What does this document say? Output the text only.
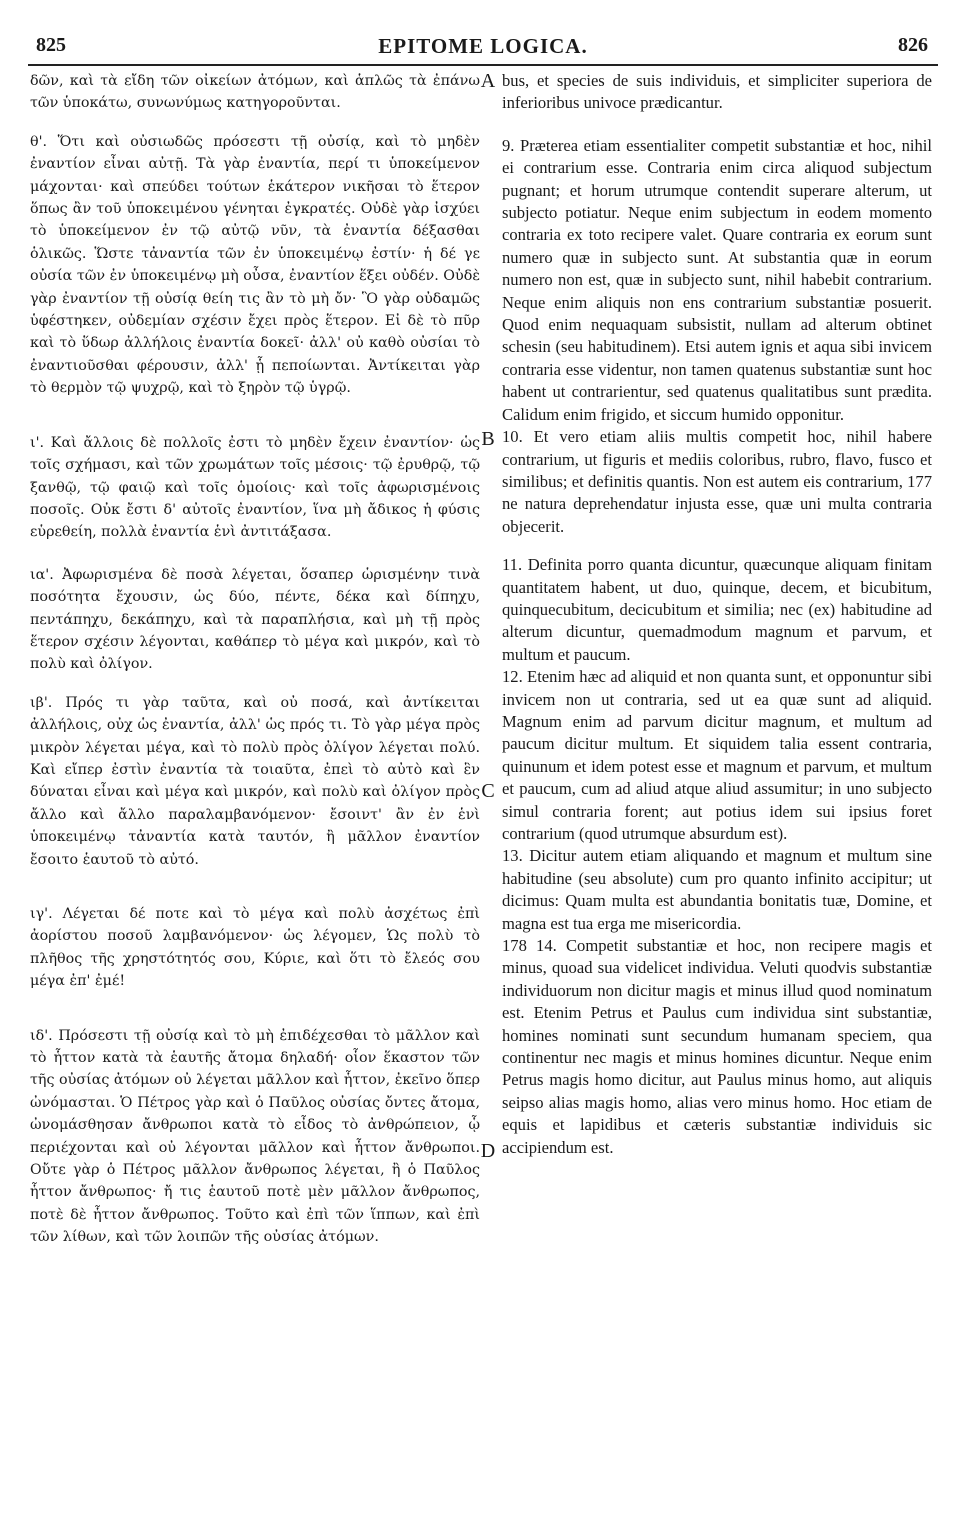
825	EPITOME LOGICA.	826
A
B
C
D

δῶν, καὶ τὰ εἴδη τῶν οἰκείων ἀτόμων, καὶ ἁπλῶς τὰ ἐπάνω τῶν ὑποκάτω, συνωνύμως κατηγοροῦνται.

θ'. Ὅτι καὶ οὐσιωδῶς πρόσεστι τῇ οὐσίᾳ, καὶ τὸ μηδὲν ἐναντίον εἶναι αὐτῇ. Τὰ γὰρ ἐναντία, περί τι ὑποκείμενον μάχονται· καὶ σπεύδει τούτων ἑκάτερον νικῆσαι τὸ ἕτερον ὅπως ἂν τοῦ ὑποκειμένου γένηται ἐγκρατές. Οὐδὲ γὰρ ἰσχύει τὸ ὑποκείμενον ἐν τῷ αὐτῷ νῦν, τὰ ἐναντία δέξασθαι ὁλικῶς. Ὥστε τἀναντία τῶν ἐν ὑποκειμένῳ ἐστίν· ἡ δέ γε οὐσία τῶν ἐν ὑποκειμένῳ μὴ οὖσα, ἐναντίον ἕξει οὐδέν. Οὐδὲ γὰρ ἐναντίον τῇ οὐσίᾳ θείη τις ἂν τὸ μὴ ὄν· Ὃ γὰρ οὐδαμῶς ὑφέστηκεν, οὐδεμίαν σχέσιν ἔχει πρὸς ἕτερον. Εἰ δὲ τὸ πῦρ καὶ τὸ ὕδωρ ἀλλήλοις ἐναντία δοκεῖ· ἀλλ' οὐ καθὸ οὐσίαι τὸ ἐναντιοῦσθαι φέρουσιν, ἀλλ' ᾗ πεποίωνται. Ἀντίκειται γὰρ τὸ θερμὸν τῷ ψυχρῷ, καὶ τὸ ξηρὸν τῷ ὑγρῷ.

ι'. Καὶ ἄλλοις δὲ πολλοῖς ἐστι τὸ μηδὲν ἔχειν ἐναντίον· ὡς τοῖς σχήμασι, καὶ τῶν χρωμάτων τοῖς μέσοις· τῷ ἐρυθρῷ, τῷ ξανθῷ, τῷ φαιῷ καὶ τοῖς ὁμοίοις· καὶ τοῖς ἀφωρισμένοις ποσοῖς. Οὐκ ἔστι δ' αὐτοῖς ἐναντίον, ἵνα μὴ ἄδικος ἡ φύσις εὑρεθείη, πολλὰ ἐναντία ἑνὶ ἀντιτάξασα.

ια'. Ἀφωρισμένα δὲ ποσὰ λέγεται, ὅσαπερ ὡρισμένην τινὰ ποσότητα ἔχουσιν, ὡς δύο, πέντε, δέκα καὶ δίπηχυ, πεντάπηχυ, δεκάπηχυ, καὶ τὰ παραπλήσια, καὶ μὴ τῇ πρὸς ἕτερον σχέσιν λέγονται, καθάπερ τὸ μέγα καὶ μικρόν, καὶ τὸ πολὺ καὶ ὀλίγον.

ιβ'. Πρός τι γὰρ ταῦτα, καὶ οὐ ποσά, καὶ ἀντίκειται ἀλλήλοις, οὐχ ὡς ἐναντία, ἀλλ' ὡς πρός τι. Τὸ γὰρ μέγα πρὸς μικρὸν λέγεται μέγα, καὶ τὸ πολὺ πρὸς ὀλίγον λέγεται πολύ. Καὶ εἴπερ ἐστὶν ἐναντία τὰ τοιαῦτα, ἐπεὶ τὸ αὐτὸ καὶ ἓν δύναται εἶναι καὶ μέγα καὶ μικρόν, καὶ πολὺ καὶ ὀλίγον πρὸς ἄλλο καὶ ἄλλο παραλαμβανόμενον· ἔσοιντ' ἂν ἐν ἑνὶ ὑποκειμένῳ τἀναντία κατὰ ταυτόν, ἢ μᾶλλον ἐναντίον ἔσοιτο ἑαυτοῦ τὸ αὐτό.

ιγ'. Λέγεται δέ ποτε καὶ τὸ μέγα καὶ πολὺ ἀσχέτως ἐπὶ ἀορίστου ποσοῦ λαμβανόμενον· ὡς λέγομεν, Ὡς πολὺ τὸ πλῆθος τῆς χρηστότητός σου, Κύριε, καὶ ὅτι τὸ ἔλεός σου μέγα ἐπ' ἐμέ!

ιδ'. Πρόσεστι τῇ οὐσίᾳ καὶ τὸ μὴ ἐπιδέχεσθαι τὸ μᾶλλον καὶ τὸ ἧττον κατὰ τὰ ἑαυτῆς ἄτομα δηλαδή· οἷον ἕκαστον τῶν τῆς οὐσίας ἀτόμων οὐ λέγεται μᾶλλον καὶ ἧττον, ἐκεῖνο ὅπερ ὠνόμασται. Ὁ Πέτρος γὰρ καὶ ὁ Παῦλος οὐσίας ὄντες ἄτομα, ὠνομάσθησαν ἄνθρωποι κατὰ τὸ εἶδος τὸ ἀνθρώπειον, ᾧ περιέχονται καὶ οὐ λέγονται μᾶλλον καὶ ἧττον ἄνθρωποι. Οὔτε γὰρ ὁ Πέτρος μᾶλλον ἄνθρωπος λέγεται, ἢ ὁ Παῦλος ἧττον ἄνθρωπος· ἤ τις ἑαυτοῦ ποτὲ μὲν μᾶλλον ἄνθρωπος, ποτὲ δὲ ἧττον ἄνθρωπος. Τοῦτο καὶ ἐπὶ τῶν ἵππων, καὶ ἐπὶ τῶν λίθων, καὶ τῶν λοιπῶν τῆς οὐσίας ἀτόμων.

bus, et species de suis individuis, et simpliciter superiora de inferioribus univoce prædicantur.

9. Præterea etiam essentialiter competit substantiæ et hoc, nihil ei contrarium esse. Contraria enim circa aliquod subjectum pugnant; et horum utrumque contendit superare alterum, ut subjecto potiatur. Neque enim subjectum in eodem momento contraria ex toto recipere valet. Quare contraria ex eorum sunt numero quæ in subjecto sunt. At substantia quæ in eorum numero non est, quæ in subjecto sunt, nihil habebit contrarium. Neque enim aliquis non ens contrarium substantiæ posuerit. Quod enim nequaquam subsistit, nullam ad alterum obtinet schesin (seu habitudinem). Etsi autem ignis et aqua sibi invicem contraria esse videntur, non tamen quatenus substantiæ sunt hoc habent ut contrarientur, sed quatenus qualitatibus sunt prædita. Calidum enim frigido, et siccum humido opponitur.

10. Et vero etiam aliis multis competit hoc, nihil habere contrarium, ut figuris et mediis coloribus, rubro, flavo, fusco et similibus; et definitis quantis. Non est autem eis contrarium, 177 ne natura deprehendatur injusta esse, quæ uni multa contraria objecerit.

11. Definita porro quanta dicuntur, quæcunque aliquam finitam quantitatem habent, ut duo, quinque, decem, et bicubitum, quinquecubitum, decicubitum et similia; nec (ex) habitudine ad alterum dicuntur, quemadmodum magnum et parvum, et multum et paucum.

12. Etenim hæc ad aliquid et non quanta sunt, et opponuntur sibi invicem non ut contraria, sed ut ea quæ sunt ad aliquid. Magnum enim ad parvum dicitur magnum, et multum ad paucum dicitur multum. Et siquidem talia essent contraria, quinunum et idem potest esse et magnum et parvum, et multum et paucum, cum ad aliud atque aliud assumitur; in uno subjecto simul contraria forent; aut potius idem sui ipsius foret contrarium (quod utrumque absurdum est).

13. Dicitur autem etiam aliquando et magnum et multum sine habitudine (seu absolute) cum pro quanto infinito accipitur; ut dicimus: Quam multa est abundantia bonitatis tuæ, Domine, et magna est tua erga me misericordia.

178 14. Competit substantiæ et hoc, non recipere magis et minus, quoad sua videlicet individua. Veluti quodvis substantiæ individuorum non dicitur magis et minus illud quod nominatum est. Etenim Petrus et Paulus cum individua sint substantiæ, homines nominati sunt secundum humanam speciem, qua continentur nec magis et minus homines dicuntur. Neque enim Petrus magis homo dicitur, aut Paulus minus homo, aut aliquis seipso alias magis homo, alias vero minus homo. Hoc etiam de equis et lapidibus et cæteris substantiæ individuis sic accipiendum est.
